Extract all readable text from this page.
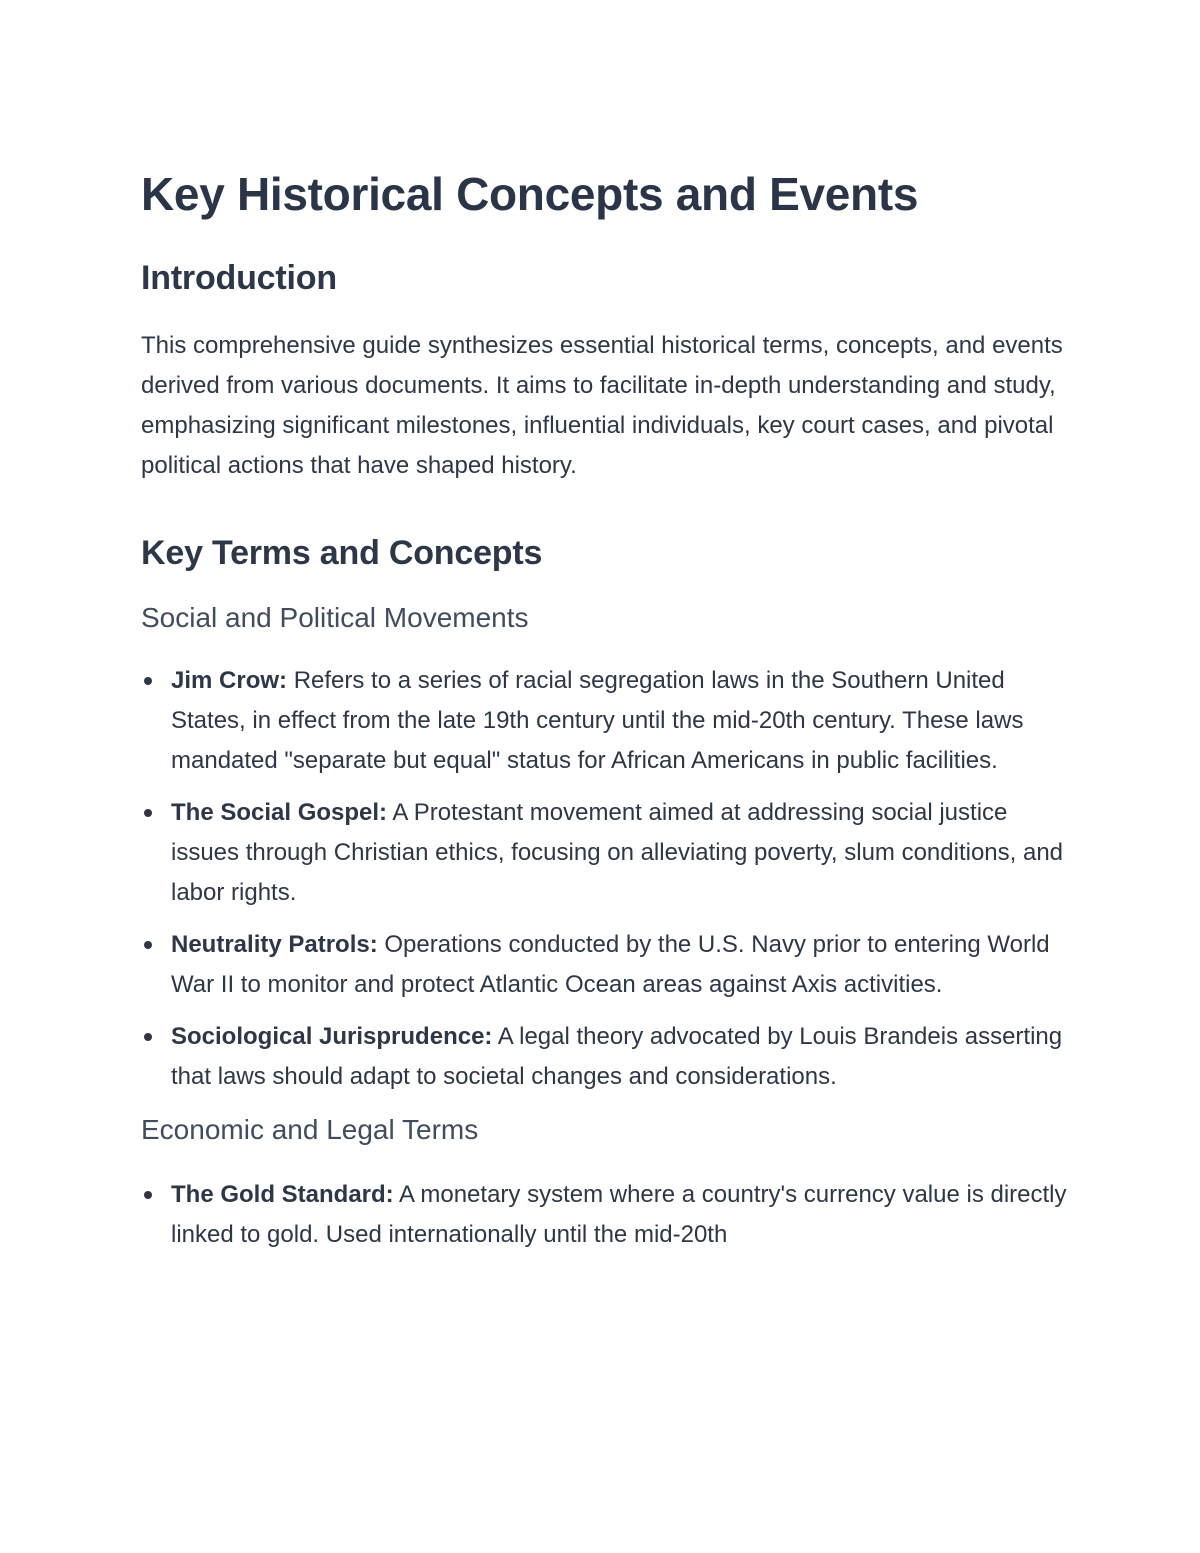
Key Historical Concepts and Events
Introduction

This comprehensive guide synthesizes essential historical terms, concepts, and events derived from various documents. It aims to facilitate in-depth understanding and study, emphasizing significant milestones, influential individuals, key court cases, and pivotal political actions that have shaped history.

Key Terms and Concepts
Social and Political Movements
Jim Crow: Refers to a series of racial segregation laws in the Southern United States, in effect from the late 19th century until the mid-20th century. These laws mandated "separate but equal" status for African Americans in public facilities.
The Social Gospel: A Protestant movement aimed at addressing social justice issues through Christian ethics, focusing on alleviating poverty, slum conditions, and labor rights.
Neutrality Patrols: Operations conducted by the U.S. Navy prior to entering World War II to monitor and protect Atlantic Ocean areas against Axis activities.
Sociological Jurisprudence: A legal theory advocated by Louis Brandeis asserting that laws should adapt to societal changes and considerations.
Economic and Legal Terms
The Gold Standard: A monetary system where a country's currency value is directly linked to gold. Used internationally until the mid-20th
